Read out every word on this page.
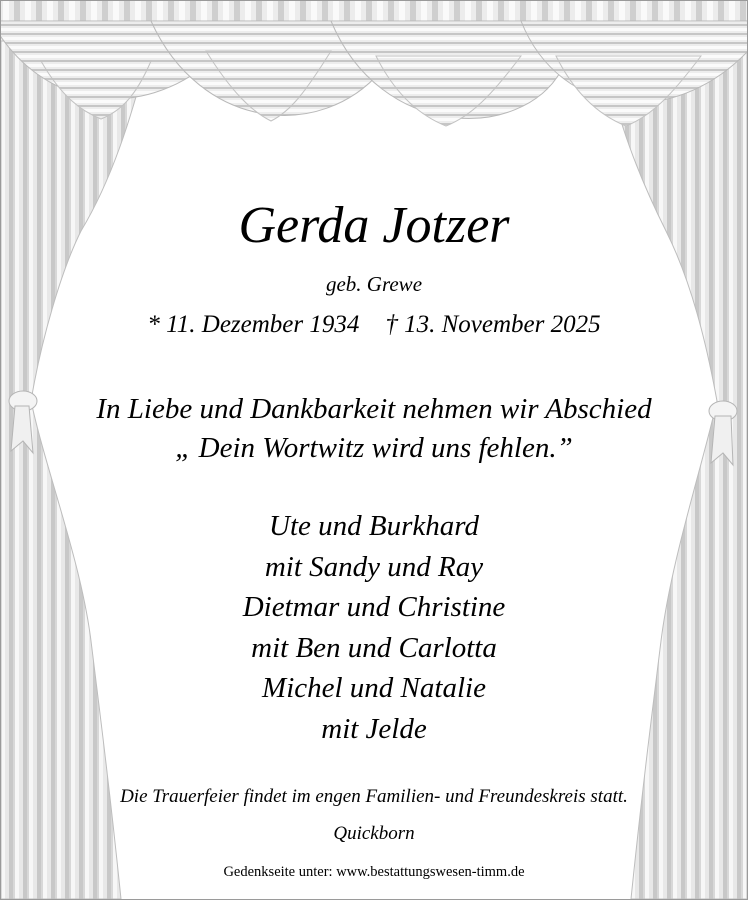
Gerda Jotzer
geb. Grewe
* 11. Dezember 1934 † 13. November 2025
In Liebe und Dankbarkeit nehmen wir Abschied
„ Dein Wortwitz wird uns fehlen.”
Ute und Burkhard
mit Sandy und Ray
Dietmar und Christine
mit Ben und Carlotta
Michel und Natalie
mit Jelde
Die Trauerfeier findet im engen Familien- und Freundeskreis statt.
Quickborn
Gedenkseite unter: www.bestattungswesen-timm.de
